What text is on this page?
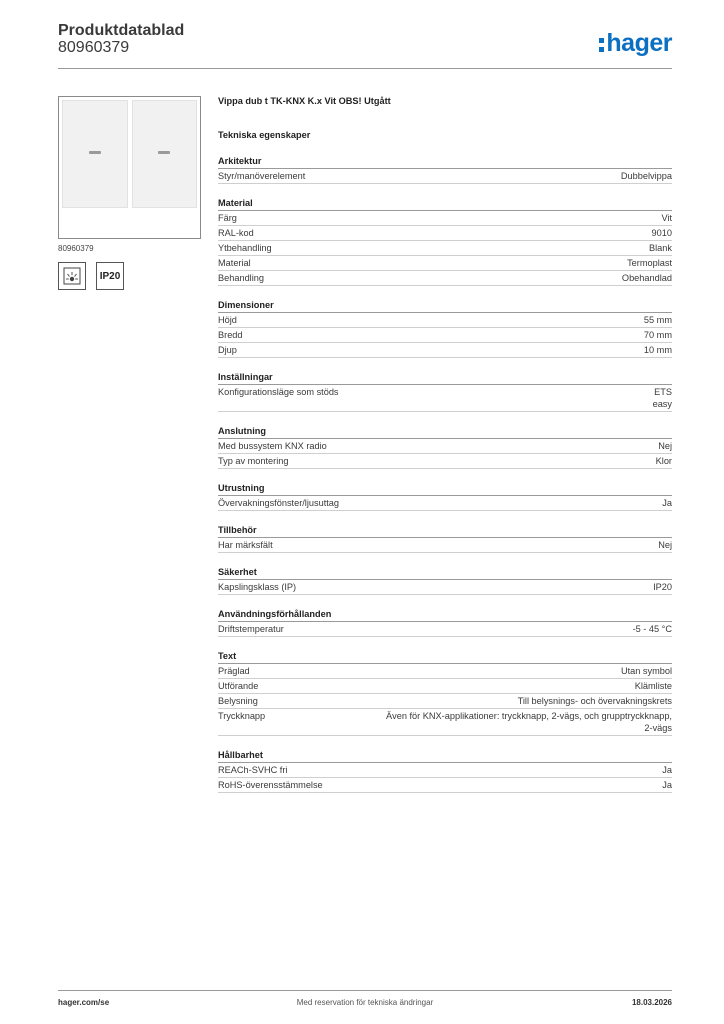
Produktdatablad
80960379	hager
80960379
IP20
Vippa dub t TK-KNX K.x Vit OBS! Utgått
Tekniska egenskaper
Arkitektur
Styr/manöverelement	Dubbelvippa
Material
Färg	Vit
RAL-kod	9010
Ytbehandling	Blank
Material	Termoplast
Behandling	Obehandlad
Dimensioner
Höjd	55 mm
Bredd	70 mm
Djup	10 mm
Inställningar
Konfigurationsläge som stöds	ETS
easy
Anslutning
Med bussystem KNX radio	Nej
Typ av montering	Klor
Utrustning
Övervakningsfönster/ljusuttag	Ja
Tillbehör
Har märksfält	Nej
Säkerhet
Kapslingsklass (IP)	IP20
Användningsförhållanden
Driftstemperatur	-5 - 45 °C
Text
Präglad	Utan symbol
Utförande	Klämlistе
Belysning	Till belysnings- och övervakningskrets
Tryckknapp	Även för KNX-applikationer: tryckknapp, 2-vägs, och grupptryckknapp,
2-vägs
Hållbarhet
REACh-SVHC fri	Ja
RoHS-överensstämmelse	Ja
Med reservation för tekniska ändringar
hager.com/se	18.03.2026
